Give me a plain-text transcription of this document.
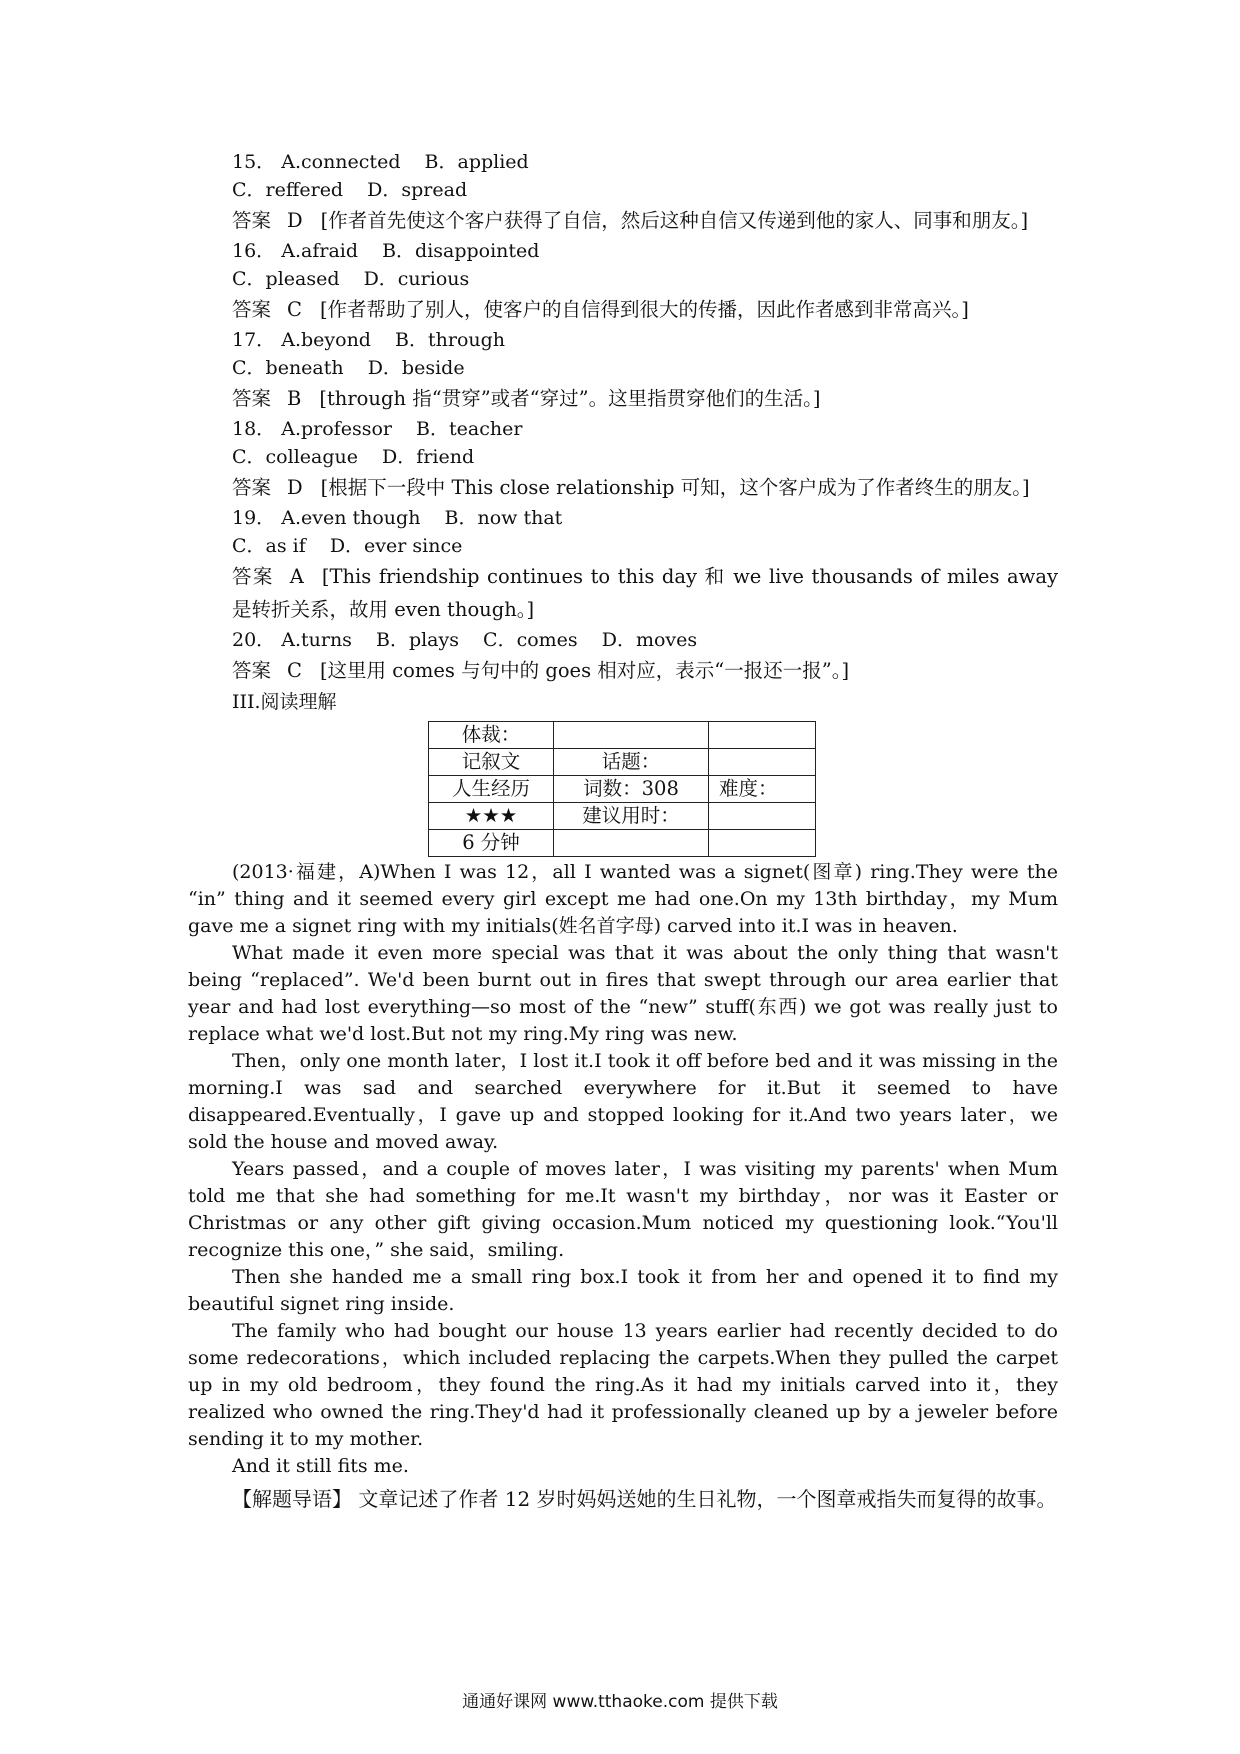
15． A.connected B．applied
C．reffered D．spread
答案 D [作者首先使这个客户获得了自信，然后这种自信又传递到他的家人、同事和朋友。]
16． A.afraid B．disappointed
C．pleased D．curious
答案 C [作者帮助了别人，使客户的自信得到很大的传播，因此作者感到非常高兴。]
17． A.beyond B．through
C．beneath D．beside
答案 B [through 指“贯穿”或者“穿过”。这里指贯穿他们的生活。]
18． A.professor B．teacher
C．colleague D．friend
答案 D [根据下一段中 This close relationship 可知，这个客户成为了作者终生的朋友。]
19． A.even though B．now that
C．as if D．ever since
答案 A [This friendship continues to this day 和 we live thousands of miles away 是转折关系，故用 even though。]
20． A.turns B．plays C．comes D．moves
答案 C [这里用 comes 与句中的 goes 相对应，表示“一报还一报”。]
III.阅读理解
体裁：		
记叙文	话题：	
人生经历	词数：308	难度：
★★★	建议用时：	
6 分钟		

(2013·福建，A)When I was 12，all I wanted was a signet(图章) ring.They were the “in” thing and it seemed every girl except me had one.On my 13th birthday，my Mum gave me a signet ring with my initials(姓名首字母) carved into it.I was in heaven.

What made it even more special was that it was about the only thing that wasn't being “replaced”. We'd been burnt out in fires that swept through our area earlier that year and had lost everything—so most of the “new” stuff(东西) we got was really just to replace what we'd lost.But not my ring.My ring was new.

Then，only one month later，I lost it.I took it off before bed and it was missing in the morning.I was sad and searched everywhere for it.But it seemed to have disappeared.Eventually，I gave up and stopped looking for it.And two years later，we sold the house and moved away.

Years passed，and a couple of moves later，I was visiting my parents' when Mum told me that she had something for me.It wasn't my birthday，nor was it Easter or Christmas or any other gift giving occasion.Mum noticed my questioning look.“You'll recognize this one，” she said，smiling.

Then she handed me a small ring box.I took it from her and opened it to find my beautiful signet ring inside.

The family who had bought our house 13 years earlier had recently decided to do some redecorations，which included replacing the carpets.When they pulled the carpet up in my old bedroom，they found the ring.As it had my initials carved into it，they realized who owned the ring.They'd had it professionally cleaned up by a jeweler before sending it to my mother.

And it still fits me.

【解题导语】 文章记述了作者 12 岁时妈妈送她的生日礼物，一个图章戒指失而复得的故事。

通通好课网 www.tthaoke.com 提供下载
